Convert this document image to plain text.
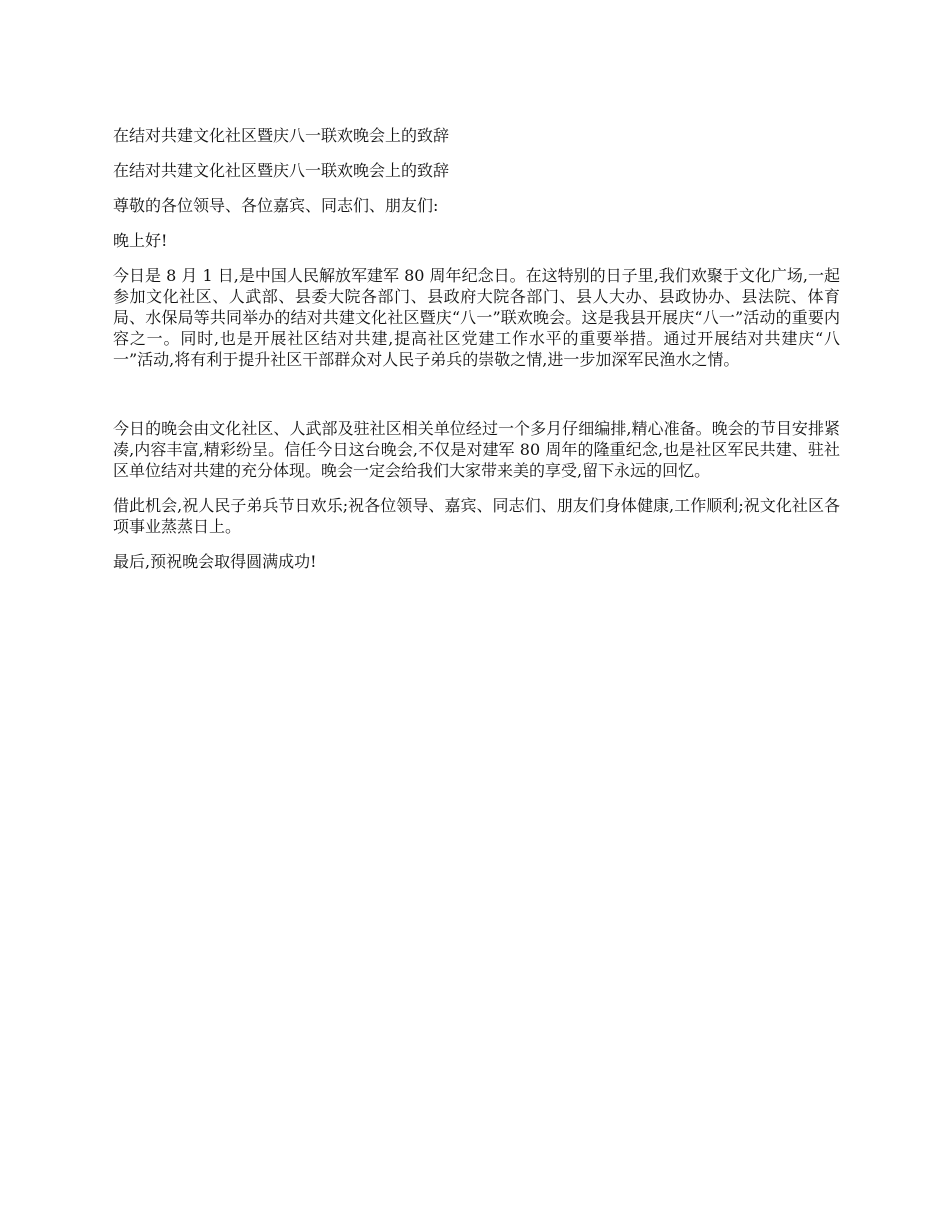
在结对共建文化社区暨庆八一联欢晚会上的致辞

在结对共建文化社区暨庆八一联欢晚会上的致辞

尊敬的各位领导、各位嘉宾、同志们、朋友们:

晚上好!

今日是 8 月 1 日,是中国人民解放军建军 80 周年纪念日。在这特别的日子里,我们欢聚于文化广场,一起参加文化社区、人武部、县委大院各部门、县政府大院各部门、县人大办、县政协办、县法院、体育局、水保局等共同举办的结对共建文化社区暨庆“八一”联欢晚会。这是我县开展庆“八一”活动的重要内容之一。同时,也是开展社区结对共建,提高社区党建工作水平的重要举措。通过开展结对共建庆“八一”活动,将有利于提升社区干部群众对人民子弟兵的崇敬之情,进一步加深军民渔水之情。

今日的晚会由文化社区、人武部及驻社区相关单位经过一个多月仔细编排,精心准备。晚会的节目安排紧凑,内容丰富,精彩纷呈。信任今日这台晚会,不仅是对建军 80 周年的隆重纪念,也是社区军民共建、驻社区单位结对共建的充分体现。晚会一定会给我们大家带来美的享受,留下永远的回忆。

借此机会,祝人民子弟兵节日欢乐;祝各位领导、嘉宾、同志们、朋友们身体健康,工作顺利;祝文化社区各项事业蒸蒸日上。

最后,预祝晚会取得圆满成功!
